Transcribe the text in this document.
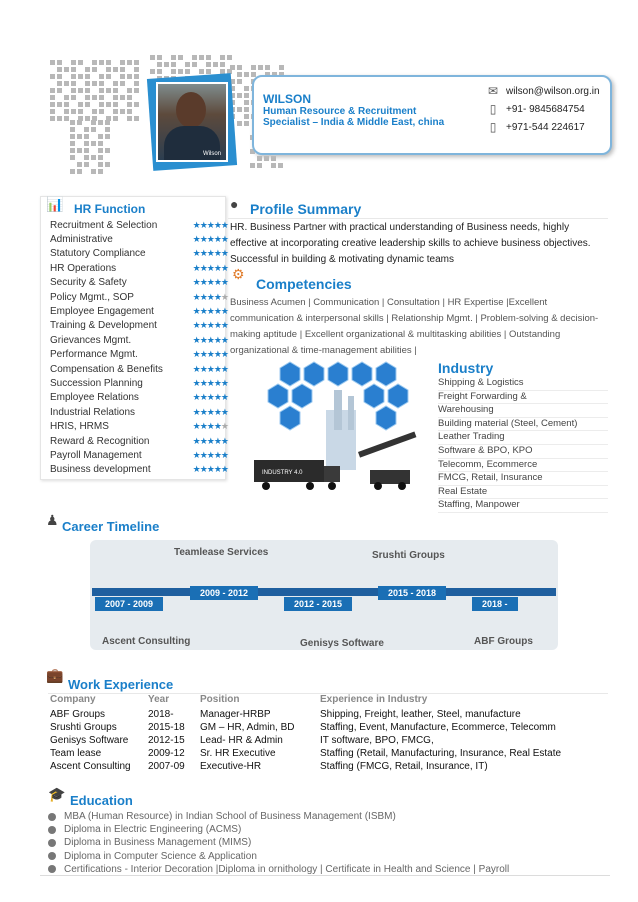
Wilson
WILSON
Human Resource & Recruitment
Specialist – India & Middle East, china
✉ wilson@wilson.org.in
▯ +91- 9845684754
▯ +971-544 224617
📊 HR Function
Recruitment & Selection	★★★★★
Administrative	★★★★★
Statutory Compliance	★★★★★
HR Operations	★★★★★
Security & Safety	★★★★★
Policy Mgmt., SOP	★★★★★
Employee Engagement	★★★★★
Training & Development	★★★★★
Grievances Mgmt.	★★★★★
Performance Mgmt.	★★★★★
Compensation & Benefits	★★★★★
Succession Planning	★★★★★
Employee Relations	★★★★★
Industrial Relations	★★★★★
HRIS, HRMS	★★★★★
Reward & Recognition	★★★★★
Payroll Management	★★★★★
Business development	★★★★★
● Profile Summary
HR. Business Partner with practical understanding of Business needs, highly effective at incorporating creative leadership skills to achieve business objectives. Successful in building & motivating dynamic teams
⚙
Competencies
Business Acumen | Communication | Consultation | HR Expertise |Excellent communication & interpersonal skills | Relationship Mgmt. | Problem-solving & decision-making aptitude | Excellent organizational & multitasking abilities | Outstanding organizational & time-management abilities |
INDUSTRY 4.0
Industry
Shipping & Logistics
Freight Forwarding &
Warehousing
Building material (Steel, Cement)
Leather Trading
Software & BPO, KPO
Telecomm, Ecommerce
FMCG, Retail, Insurance
Real Estate
Staffing, Manpower
♟ Career Timeline
2007 - 2009
2009 - 2012
2012 - 2015
2015 - 2018
2018 -
Teamlease Services	Srushti Groups
Ascent Consulting	Genisys Software	ABF Groups
💼
Work Experience
Company	Year	Position	Experience in Industry
ABF Groups	2018-	Manager-HRBP	Shipping, Freight, leather, Steel, manufacture
Srushti Groups	2015-18	GM – HR, Admin, BD	Staffing, Event, Manufacture, Ecommerce, Telecomm
Genisys Software	2012-15	Lead- HR & Admin	IT software, BPO, FMCG,
Team lease	2009-12	Sr. HR Executive	Staffing (Retail, Manufacturing, Insurance, Real Estate
Ascent Consulting	2007-09	Executive-HR	Staffing (FMCG, Retail, Insurance, IT)
🎓 Education
MBA (Human Resource) in Indian School of Business Management (ISBM)
Diploma in Electric Engineering (ACMS)
Diploma in Business Management (MIMS)
Diploma in Computer Science & Application
Certifications - Interior Decoration |Diploma in ornithology | Certificate in Health and Science | Payroll
